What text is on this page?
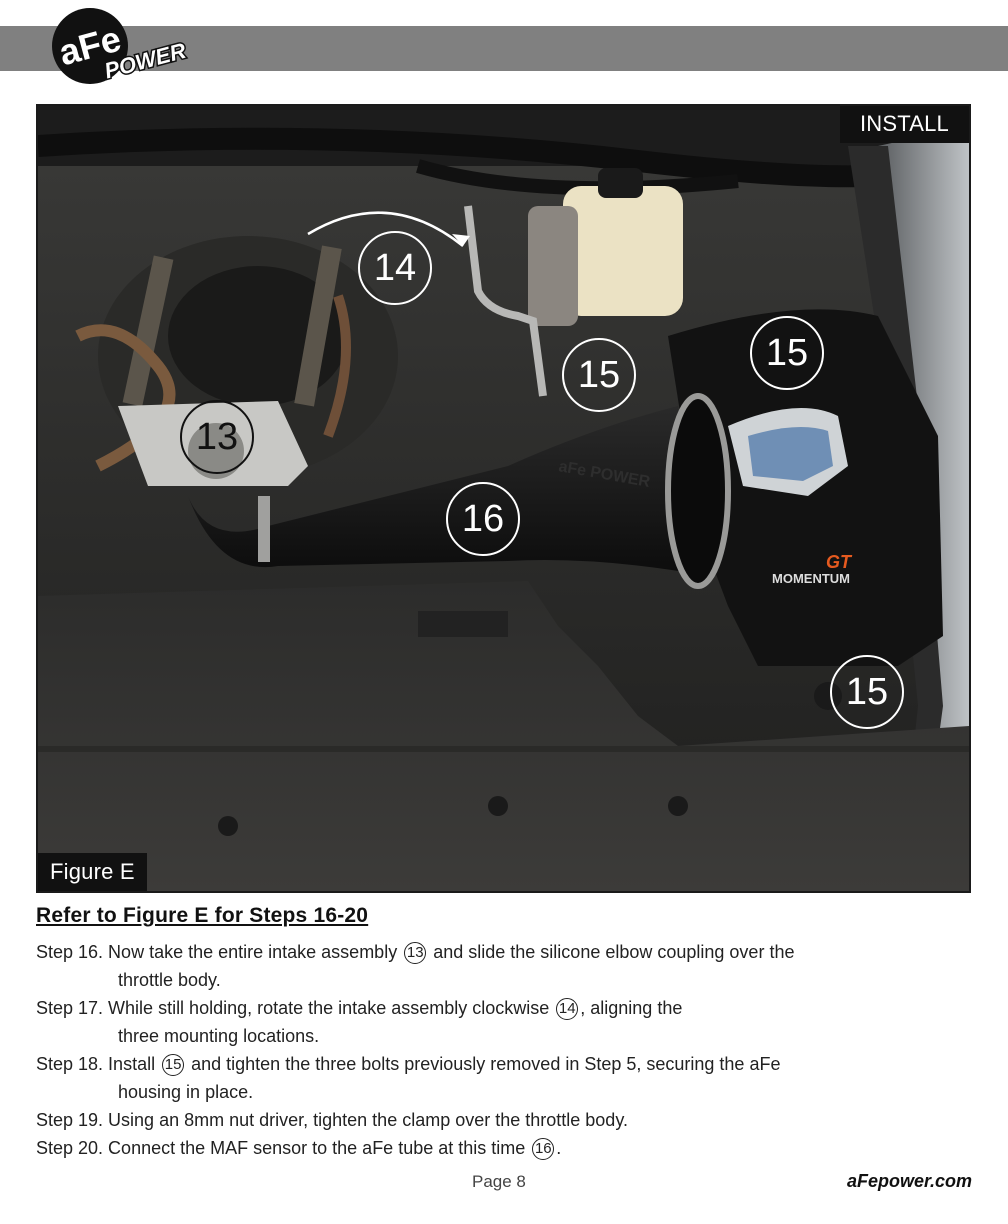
aFe
POWER
MOMENTUM
GT
aFe POWER
INSTALL
Figure E
14
15
13
15
16
15
Refer to Figure E for Steps 16-20

Step 16. Now take the entire intake assembly 13 and slide the silicone elbow coupling over the

throttle body.

Step 17. While still holding, rotate the intake assembly clockwise 14 , aligning the

three mounting locations.

Step 18. Install 15 and tighten the three bolts previously removed in Step 5, securing the aFe

housing in place.

Step 19. Using an 8mm nut driver, tighten the clamp over the throttle body.

Step 20. Connect the MAF sensor to the aFe tube at this time 16 .

Page 8	aFepower.com
